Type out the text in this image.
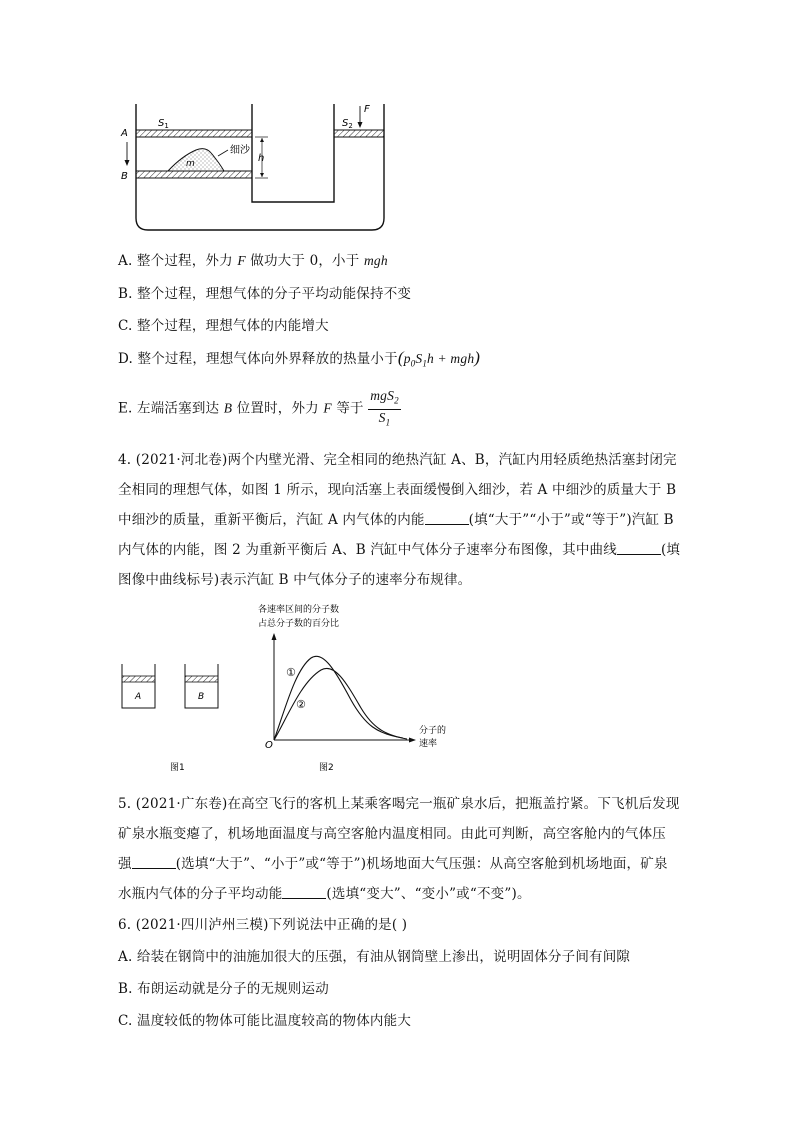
m
细沙
A
B
$S_1$	$S_2$
F
h
A. 整个过程，外力 F 做功大于 0，小于 mgh
B. 整个过程，理想气体的分子平均动能保持不变
C. 整个过程，理想气体的内能增大
D. 整个过程，理想气体向外界释放的热量小于$(p_0S_1h + mgh)$
E. 左端活塞到达 B 位置时，外力 F 等于 $\frac{mgS_2}{S_1}$
4. (2021·河北卷)两个内壁光滑、完全相同的绝热汽缸 A、B，汽缸内用轻质绝热活塞封闭完
全相同的理想气体，如图 1 所示，现向活塞上表面缓慢倒入细沙，若 A 中细沙的质量大于 B
中细沙的质量，重新平衡后，汽缸 A 内气体的内能	(填“大于”“小于”或“等于”)汽缸 B
内气体的内能，图 2 为重新平衡后 A、B 汽缸中气体分子速率分布图像，其中曲线	(填
图像中曲线标号)表示汽缸 B 中气体分子的速率分布规律。
A	B
图1
各速率区间的分子数
占总分子数的百分比
O
分子的
速率
①
②
图2
5. (2021·广东卷)在高空飞行的客机上某乘客喝完一瓶矿泉水后，把瓶盖拧紧。下飞机后发现
矿泉水瓶变瘪了，机场地面温度与高空客舱内温度相同。由此可判断，高空客舱内的气体压
强	(选填“大于”、“小于”或“等于”)机场地面大气压强：从高空客舱到机场地面，矿泉
水瓶内气体的分子平均动能	(选填“变大”、“变小”或“不变”)。
6. (2021·四川泸州三模)下列说法中正确的是( )
A. 给装在钢筒中的油施加很大的压强，有油从钢筒壁上渗出，说明固体分子间有间隙
B. 布朗运动就是分子的无规则运动
C. 温度较低的物体可能比温度较高的物体内能大
